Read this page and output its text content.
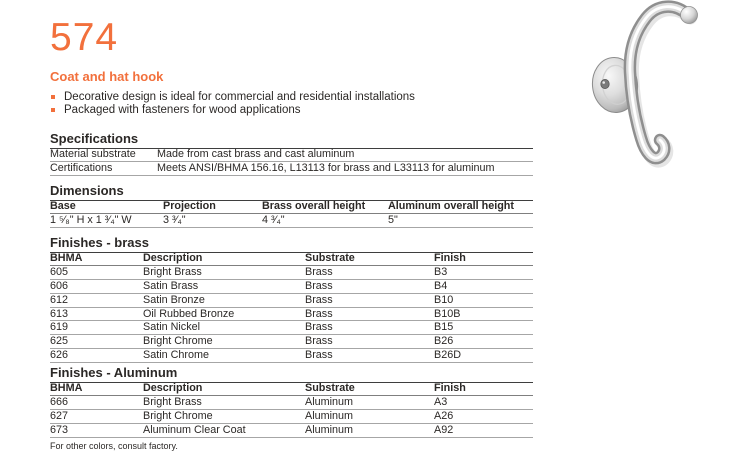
574
Coat and hat hook
Decorative design is ideal for commercial and residential installations
Packaged with fasteners for wood applications
Specifications
Material substrate	Made from cast brass and cast aluminum
Certifications	Meets ANSI/BHMA 156.16, L13113 for brass and L33113 for aluminum
Dimensions
Base	Projection	Brass overall height	Aluminum overall height
1 ⁵⁄₈" H x 1 ³⁄₄" W	3 ³⁄₄"	4 ³⁄₄"	5"
Finishes - brass
BHMA	Description	Substrate	Finish
605	Bright Brass	Brass	B3
606	Satin Brass	Brass	B4
612	Satin Bronze	Brass	B10
613	Oil Rubbed Bronze	Brass	B10B
619	Satin Nickel	Brass	B15
625	Bright Chrome	Brass	B26
626	Satin Chrome	Brass	B26D
Finishes - Aluminum
BHMA	Description	Substrate	Finish
666	Bright Brass	Aluminum	A3
627	Bright Chrome	Aluminum	A26
673	Aluminum Clear Coat	Aluminum	A92
For other colors, consult factory.
